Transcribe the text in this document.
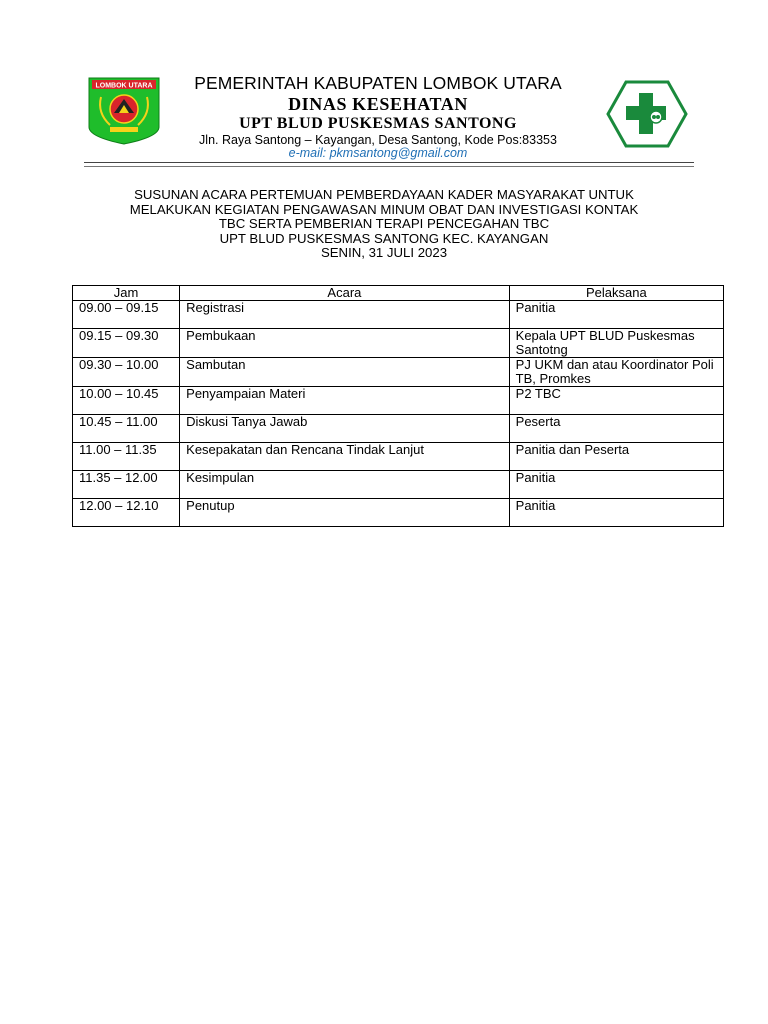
LOMBOK UTARA	PEMERINTAH KABUPATEN LOMBOK UTARA
DINAS KESEHATAN
UPT BLUD PUSKESMAS SANTONG
Jln. Raya Santong – Kayangan, Desa Santong, Kode Pos:83353
e-mail: pkmsantong@gmail.com
SUSUNAN ACARA PERTEMUAN PEMBERDAYAAN KADER MASYARAKAT UNTUK
MELAKUKAN KEGIATAN PENGAWASAN MINUM OBAT DAN INVESTIGASI KONTAK
TBC SERTA PEMBERIAN TERAPI PENCEGAHAN TBC
UPT BLUD PUSKESMAS SANTONG KEC. KAYANGAN
SENIN, 31 JULI 2023
Jam	Acara	Pelaksana
09.00 – 09.15	Registrasi	Panitia
09.15 – 09.30	Pembukaan	Kepala UPT BLUD Puskesmas Santotng
09.30 – 10.00	Sambutan	PJ UKM dan atau Koordinator Poli TB, Promkes
10.00 – 10.45	Penyampaian Materi	P2 TBC
10.45 – 11.00	Diskusi Tanya Jawab	Peserta
11.00 – 11.35	Kesepakatan dan Rencana Tindak Lanjut	Panitia dan Peserta
11.35 – 12.00	Kesimpulan	Panitia
12.00 – 12.10	Penutup	Panitia
